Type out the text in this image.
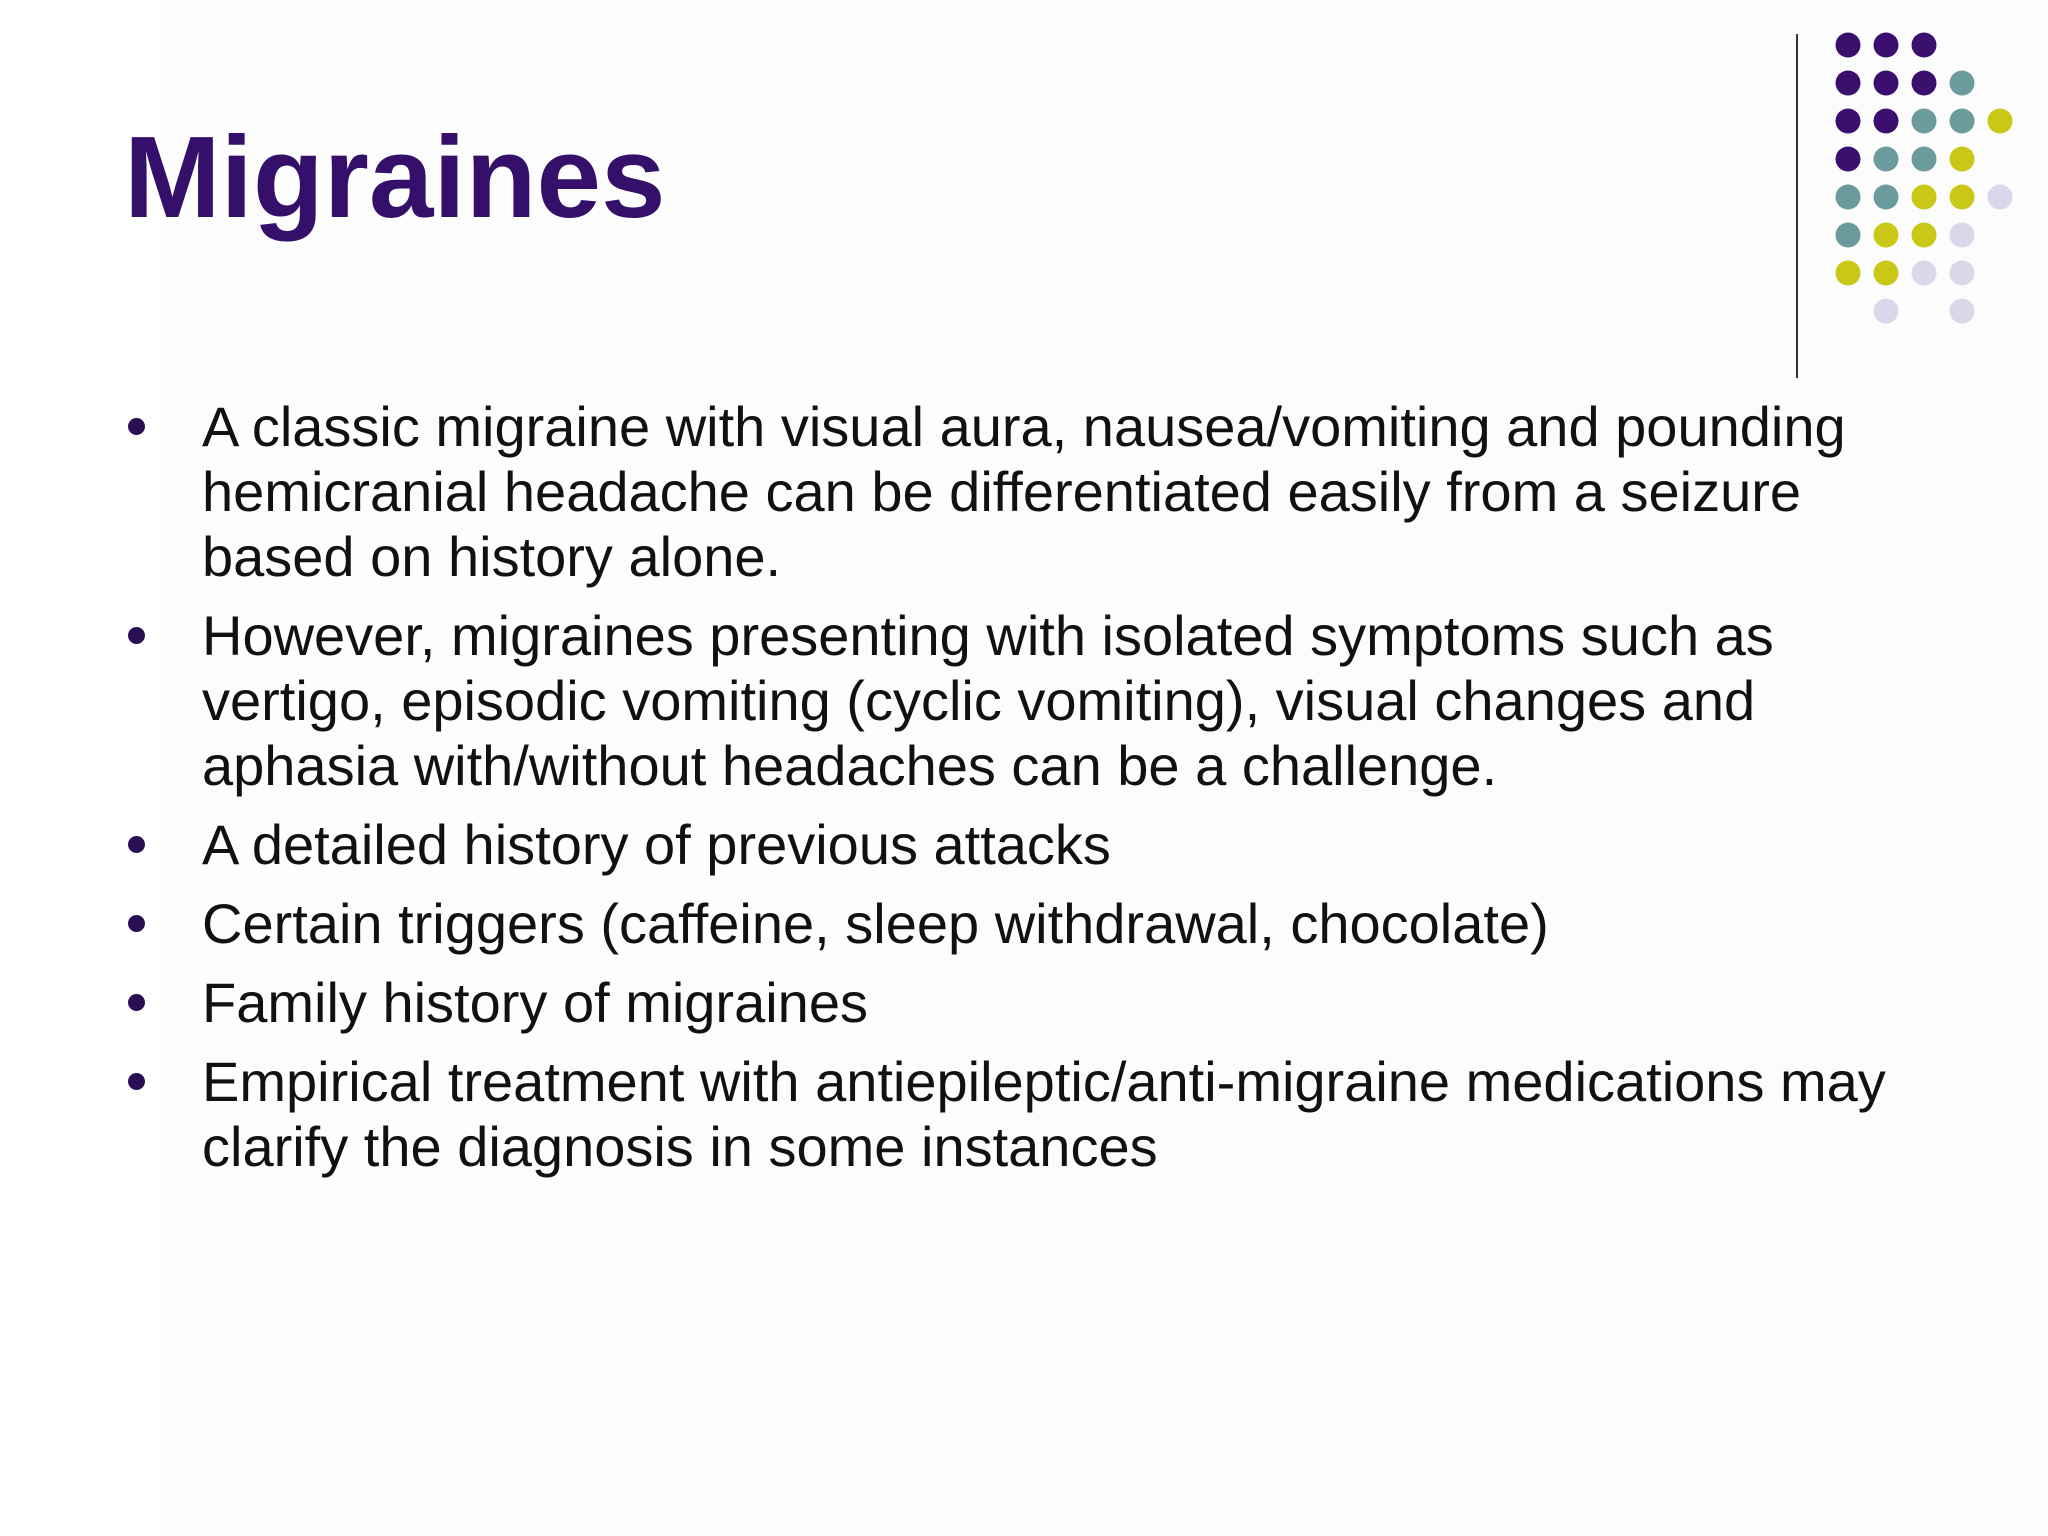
Migraines
A classic migraine with visual aura, nausea/vomiting and pounding hemicranial headache can be differentiated easily from a seizure based on history alone.
However, migraines presenting with isolated symptoms such as vertigo, episodic vomiting (cyclic vomiting), visual changes and aphasia with/without headaches can be a challenge.
A detailed history of previous attacks
Certain triggers (caffeine, sleep withdrawal, chocolate)
Family history of migraines
Empirical treatment with antiepileptic/anti-migraine medications may clarify the diagnosis in some instances
